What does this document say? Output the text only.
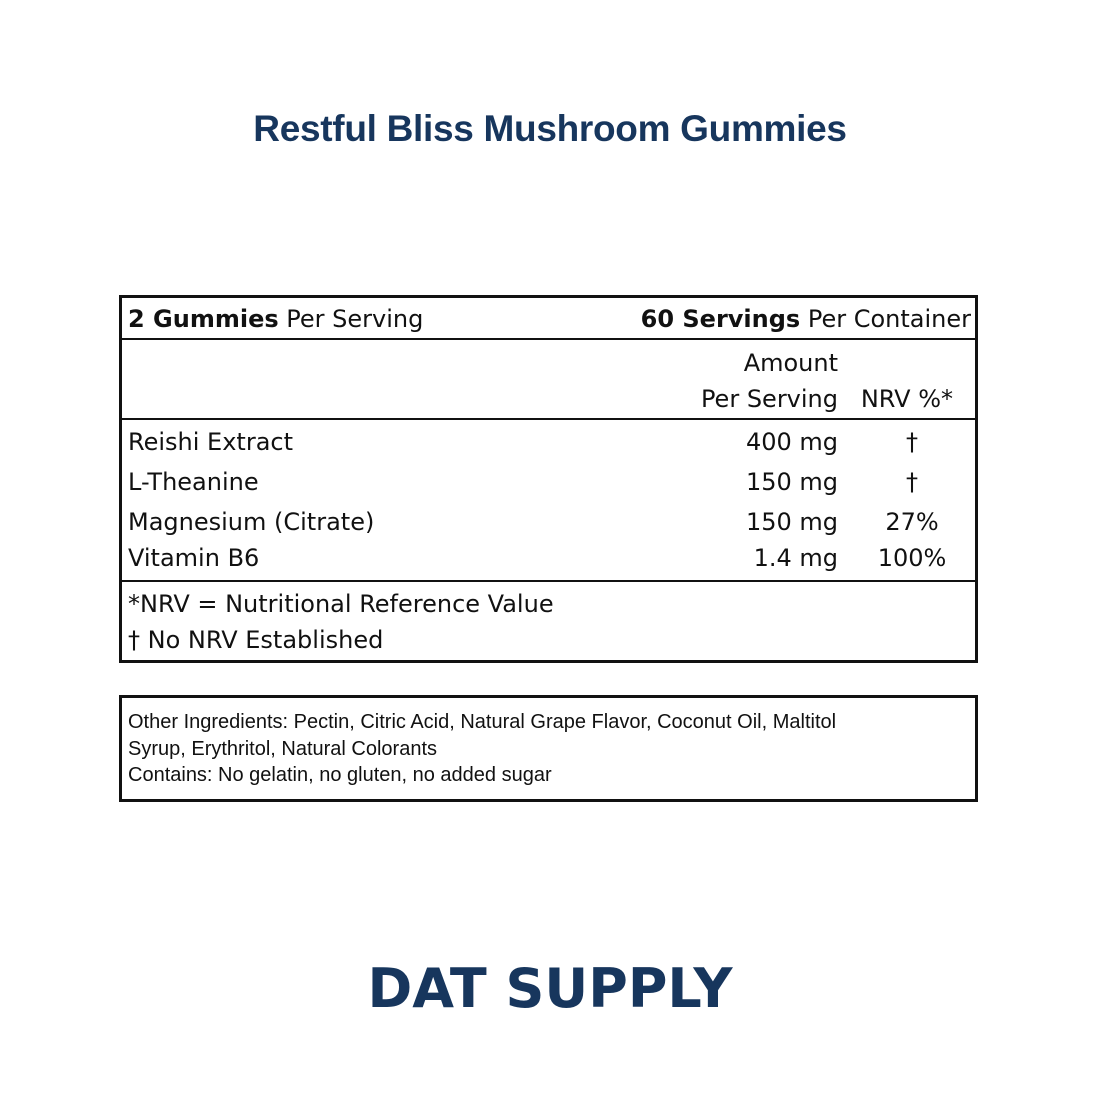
Restful Bliss Mushroom Gummies
2 Gummies Per Serving	60 Servings Per Container
Amount
Per Serving NRV %*
Reishi Extract	400 mg	†
L-Theanine	150 mg	†
Magnesium (Citrate)	150 mg	27%
Vitamin B6	1.4 mg	100%
*NRV = Nutritional Reference Value
† No NRV Established
Other Ingredients: Pectin, Citric Acid, Natural Grape Flavor, Coconut Oil, Maltitol
Syrup, Erythritol, Natural Colorants
Contains: No gelatin, no gluten, no added sugar
DAT SUPPLY
